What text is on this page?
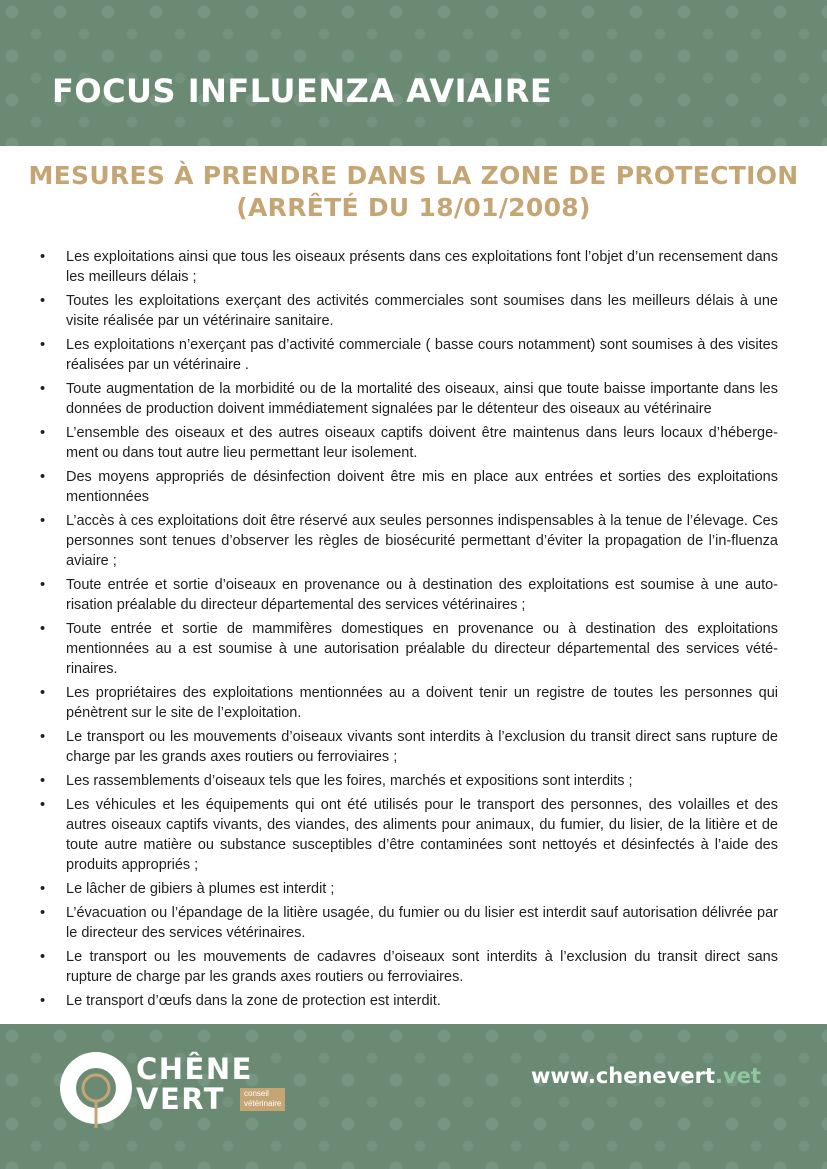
FOCUS INFLUENZA AVIAIRE
MESURES À PRENDRE DANS LA ZONE DE PROTECTION
(ARRÊTÉ DU 18/01/2008)
• Les exploitations ainsi que tous les oiseaux présents dans ces exploitations font l’objet d’un recensement dans les meilleurs délais ;
• Toutes les exploitations exerçant des activités commerciales sont soumises dans les meilleurs délais à une visite réalisée par un vétérinaire sanitaire.
• Les exploitations n’exerçant pas d’activité commerciale ( basse cours notamment) sont soumises à des visites réalisées par un vétérinaire .
• Toute augmentation de la morbidité ou de la mortalité des oiseaux, ainsi que toute baisse importante dans les données de production doivent immédiatement signalées par le détenteur des oiseaux au vétérinaire
• L’ensemble des oiseaux et des autres oiseaux captifs doivent être maintenus dans leurs locaux d’héberge-ment ou dans tout autre lieu permettant leur isolement.
• Des moyens appropriés de désinfection doivent être mis en place aux entrées et sorties des exploitations mentionnées
• L’accès à ces exploitations doit être réservé aux seules personnes indispensables à la tenue de l’élevage. Ces personnes sont tenues d’observer les règles de biosécurité permettant d’éviter la propagation de l’in-fluenza aviaire ;
• Toute entrée et sortie d’oiseaux en provenance ou à destination des exploitations est soumise à une auto-risation préalable du directeur départemental des services vétérinaires ;
• Toute entrée et sortie de mammifères domestiques en provenance ou à destination des exploitations mentionnées au a est soumise à une autorisation préalable du directeur départemental des services vété-rinaires.
• Les propriétaires des exploitations mentionnées au a doivent tenir un registre de toutes les personnes qui pénètrent sur le site de l’exploitation.
• Le transport ou les mouvements d’oiseaux vivants sont interdits à l’exclusion du transit direct sans rupture de charge par les grands axes routiers ou ferroviaires ;
• Les rassemblements d’oiseaux tels que les foires, marchés et expositions sont interdits ;
• Les véhicules et les équipements qui ont été utilisés pour le transport des personnes, des volailles et des autres oiseaux captifs vivants, des viandes, des aliments pour animaux, du fumier, du lisier, de la litière et de toute autre matière ou substance susceptibles d’être contaminées sont nettoyés et désinfectés à l’aide des produits appropriés ;
• Le lâcher de gibiers à plumes est interdit ;
• L’évacuation ou l’épandage de la litière usagée, du fumier ou du lisier est interdit sauf autorisation délivrée par le directeur des services vétérinaires.
• Le transport ou les mouvements de cadavres d’oiseaux sont interdits à l’exclusion du transit direct sans rupture de charge par les grands axes routiers ou ferroviaires.
• Le transport d’œufs dans la zone de protection est interdit.
CHÊNE
VERT conseil
vétérinaire
www.chenevert.vet
